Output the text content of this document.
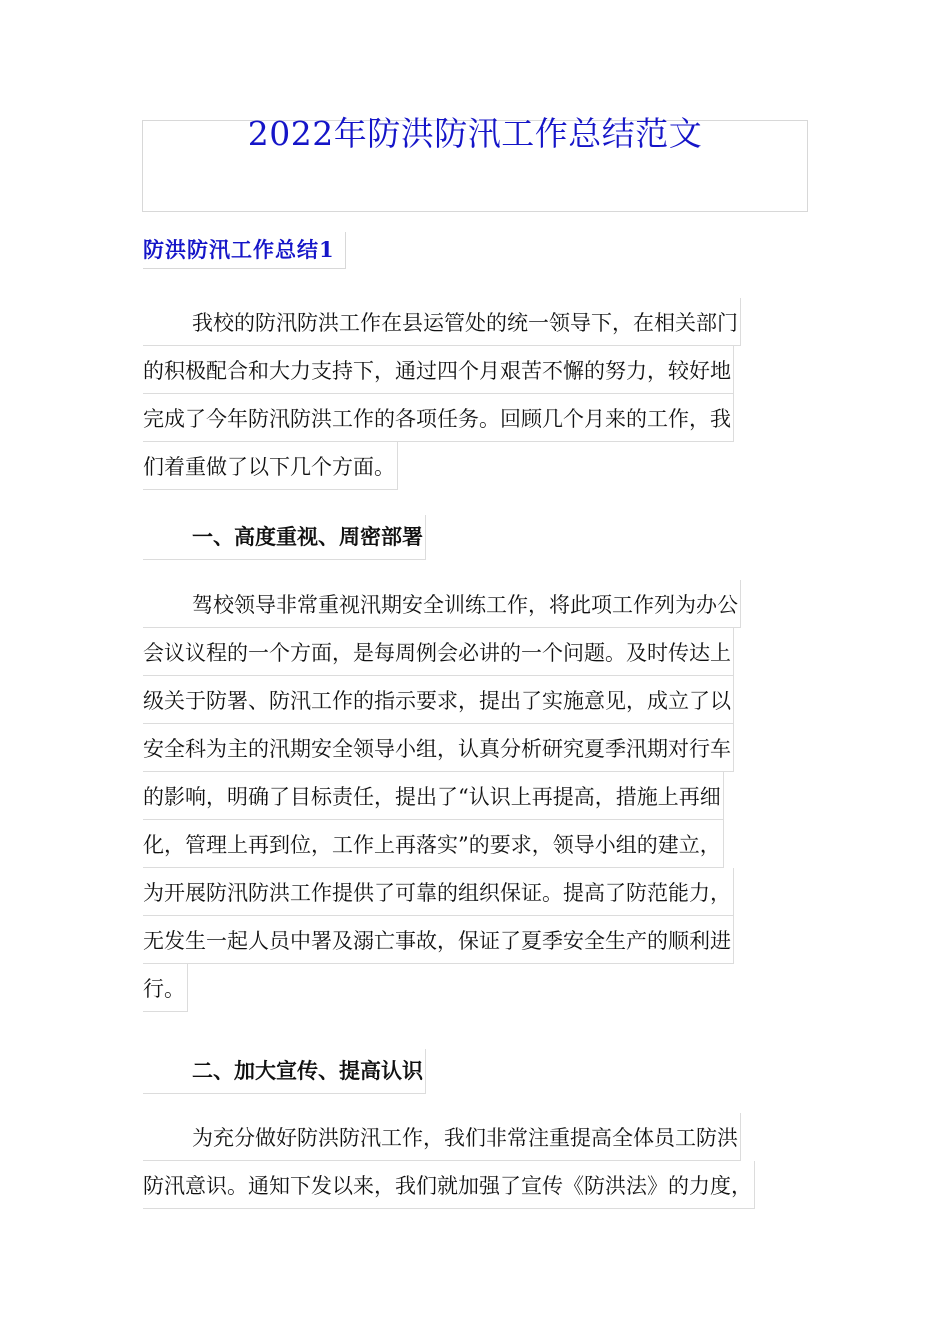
2022年防洪防汛工作总结范文
防洪防汛工作总结1
我校的防汛防洪工作在县运管处的统一领导下，在相关部门
的积极配合和大力支持下，通过四个月艰苦不懈的努力，较好地
完成了今年防汛防洪工作的各项任务。回顾几个月来的工作，我
们着重做了以下几个方面。
一、高度重视、周密部署
驾校领导非常重视汛期安全训练工作，将此项工作列为办公
会议议程的一个方面，是每周例会必讲的一个问题。及时传达上
级关于防署、防汛工作的指示要求，提出了实施意见，成立了以
安全科为主的汛期安全领导小组，认真分析研究夏季汛期对行车
的影响，明确了目标责任，提出了“认识上再提高，措施上再细
化，管理上再到位，工作上再落实”的要求，领导小组的建立，
为开展防汛防洪工作提供了可靠的组织保证。提高了防范能力，
无发生一起人员中署及溺亡事故，保证了夏季安全生产的顺利进
行。
二、加大宣传、提高认识
为充分做好防洪防汛工作，我们非常注重提高全体员工防洪
防汛意识。通知下发以来，我们就加强了宣传《防洪法》的力度，
